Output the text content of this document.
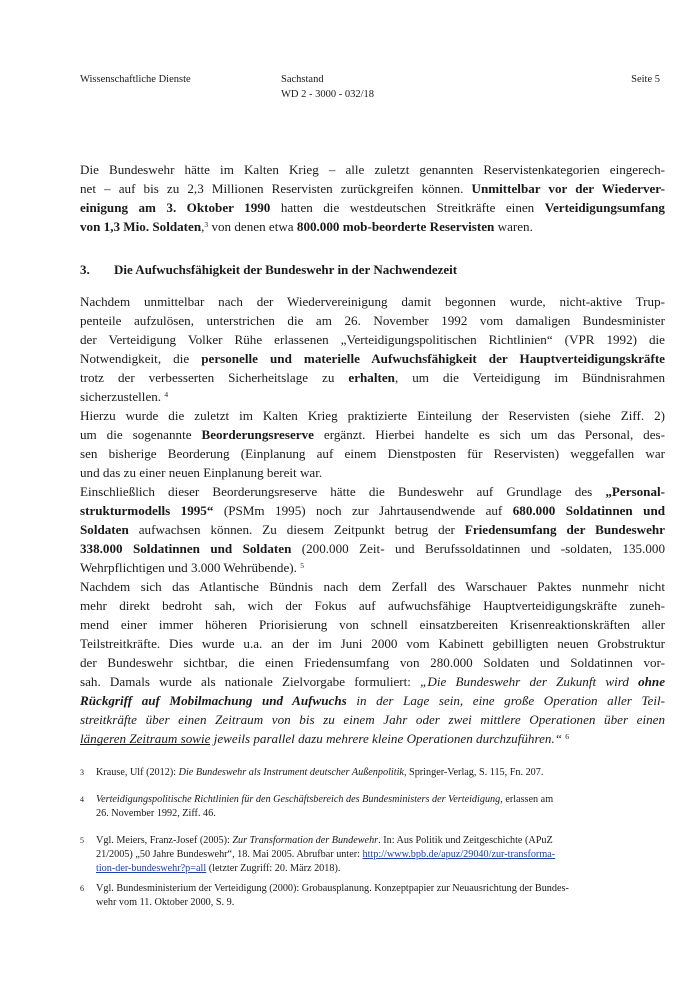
Wissenschaftliche Dienste	Sachstand
WD 2 - 3000 - 032/18
Seite 5
Die Bundeswehr hätte im Kalten Krieg – alle zuletzt genannten Reservistenkategorien eingerech-
net – auf bis zu 2,3 Millionen Reservisten zurückgreifen können. Unmittelbar vor der Wiederver-
einigung am 3. Oktober 1990 hatten die westdeutschen Streitkräfte einen Verteidigungsumfang
von 1,3 Mio. Soldaten,$^3$ von denen etwa 800.000 mob-beorderte Reservisten waren.
3. Die Aufwuchsfähigkeit der Bundeswehr in der Nachwendezeit
Nachdem unmittelbar nach der Wiedervereinigung damit begonnen wurde, nicht-aktive Trup-
penteile aufzulösen, unterstrichen die am 26. November 1992 vom damaligen Bundesminister
der Verteidigung Volker Rühe erlassenen „Verteidigungspolitischen Richtlinien“ (VPR 1992) die
Notwendigkeit, die personelle und materielle Aufwuchsfähigkeit der Hauptverteidigungskräfte
trotz der verbesserten Sicherheitslage zu erhalten, um die Verteidigung im Bündnisrahmen
sicherzustellen. $^4$
Hierzu wurde die zuletzt im Kalten Krieg praktizierte Einteilung der Reservisten (siehe Ziff. 2)
um die sogenannte Beorderungsreserve ergänzt. Hierbei handelte es sich um das Personal, des-
sen bisherige Beorderung (Einplanung auf einem Dienstposten für Reservisten) weggefallen war
und das zu einer neuen Einplanung bereit war.
Einschließlich dieser Beorderungsreserve hätte die Bundeswehr auf Grundlage des „Personal-
strukturmodells 1995“ (PSMm 1995) noch zur Jahrtausendwende auf 680.000 Soldatinnen und
Soldaten aufwachsen können. Zu diesem Zeitpunkt betrug der Friedensumfang der Bundeswehr
338.000 Soldatinnen und Soldaten (200.000 Zeit- und Berufssoldatinnen und -soldaten, 135.000
Wehrpflichtigen und 3.000 Wehrübende). $^5$
Nachdem sich das Atlantische Bündnis nach dem Zerfall des Warschauer Paktes nunmehr nicht
mehr direkt bedroht sah, wich der Fokus auf aufwuchsfähige Hauptverteidigungskräfte zuneh-
mend einer immer höheren Priorisierung von schnell einsatzbereiten Krisenreaktionskräften aller
Teilstreitkräfte. Dies wurde u.a. an der im Juni 2000 vom Kabinett gebilligten neuen Grobstruktur
der Bundeswehr sichtbar, die einen Friedensumfang von 280.000 Soldaten und Soldatinnen vor-
sah. Damals wurde als nationale Zielvorgabe formuliert: „Die Bundeswehr der Zukunft wird ohne
Rückgriff auf Mobilmachung und Aufwuchs in der Lage sein, eine große Operation aller Teil-
streitkräfte über einen Zeitraum von bis zu einem Jahr oder zwei mittlere Operationen über einen
längeren Zeitraum sowie jeweils parallel dazu mehrere kleine Operationen durchzuführen.“ $^6$
3 Krause, Ulf (2012): Die Bundeswehr als Instrument deutscher Außenpolitik, Springer-Verlag, S. 115, Fn. 207.
4 Verteidigungspolitische Richtlinien für den Geschäftsbereich des Bundesministers der Verteidigung, erlassen am
26. November 1992, Ziff. 46.
5 Vgl. Meiers, Franz-Josef (2005): Zur Transformation der Bundewehr. In: Aus Politik und Zeitgeschichte (APuZ
21/2005) „50 Jahre Bundeswehr“, 18. Mai 2005. Abrufbar unter: http://www.bpb.de/apuz/29040/zur-transforma-
tion-der-bundeswehr?p=all (letzter Zugriff: 20. März 2018).
6 Vgl. Bundesministerium der Verteidigung (2000): Grobausplanung. Konzeptpapier zur Neuausrichtung der Bundes-
wehr vom 11. Oktober 2000, S. 9.
